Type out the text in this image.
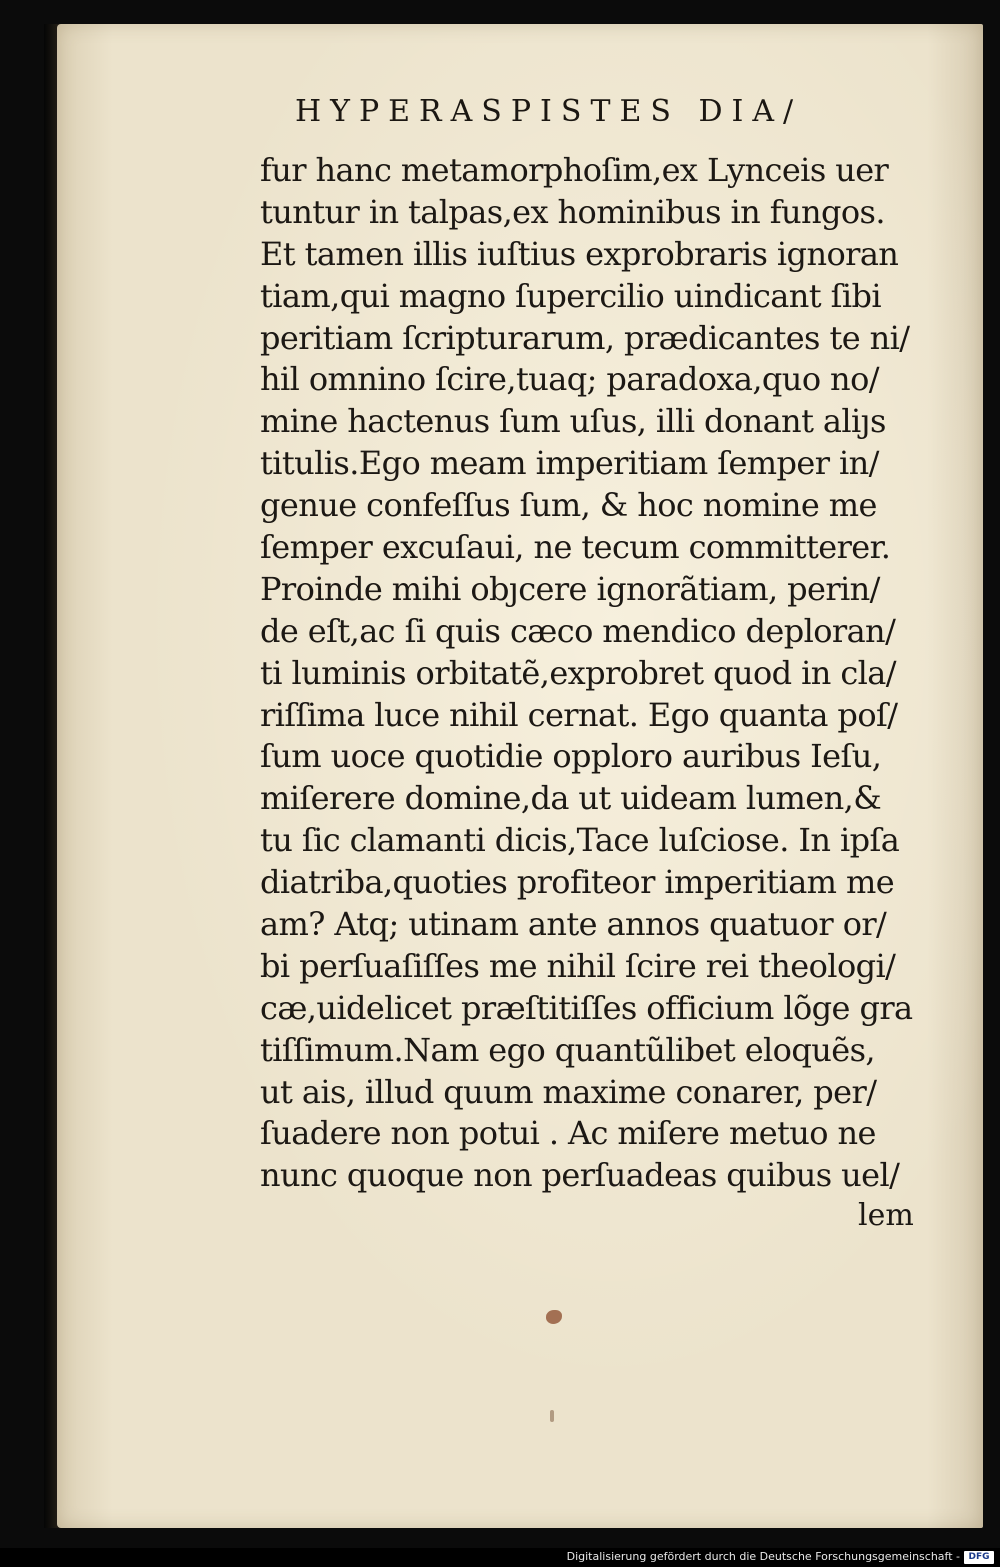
HYPERASPISTES DIA/
fur hanc metamorphoſim,ex Lynceis uer
tuntur in talpas,ex hominibus in fungos.
Et tamen illis iuſtius exprobraris ignoran
tiam,qui magno ſupercilio uindicant ſibi
peritiam ſcripturarum, prædicantes te ni/
hil omnino ſcire,tuaq; paradoxa,quo no/
mine hactenus ſum uſus, illi donant aliȷs
titulis.Ego meam imperitiam ſemper in/
genue confeſſus ſum, & hoc nomine me
ſemper excuſaui, ne tecum committerer.
Proinde mihi obȷcere ignorãtiam, perin/
de eſt,ac ſi quis cæco mendico deploran/
ti luminis orbitatẽ,exprobret quod in cla/
riſſima luce nihil cernat. Ego quanta poſ/
ſum uoce quotidie opploro auribus Ieſu,
miſerere domine,da ut uideam lumen,&
tu ſic clamanti dicis,Tace luſciose. In ipſa
diatriba,quoties profiteor imperitiam me
am? Atq; utinam ante annos quatuor or/
bi perſuaſiſſes me nihil ſcire rei theologi/
cæ,uidelicet præſtitiſſes officium lõge gra
tiſſimum.Nam ego quantũlibet eloquẽs,
ut ais, illud quum maxime conarer, per/
ſuadere non potui . Ac miſere metuo ne
nunc quoque non perſuadeas quibus uel/
lem
Digitalisierung gefördert durch die Deutsche Forschungsgemeinschaft - DFG
